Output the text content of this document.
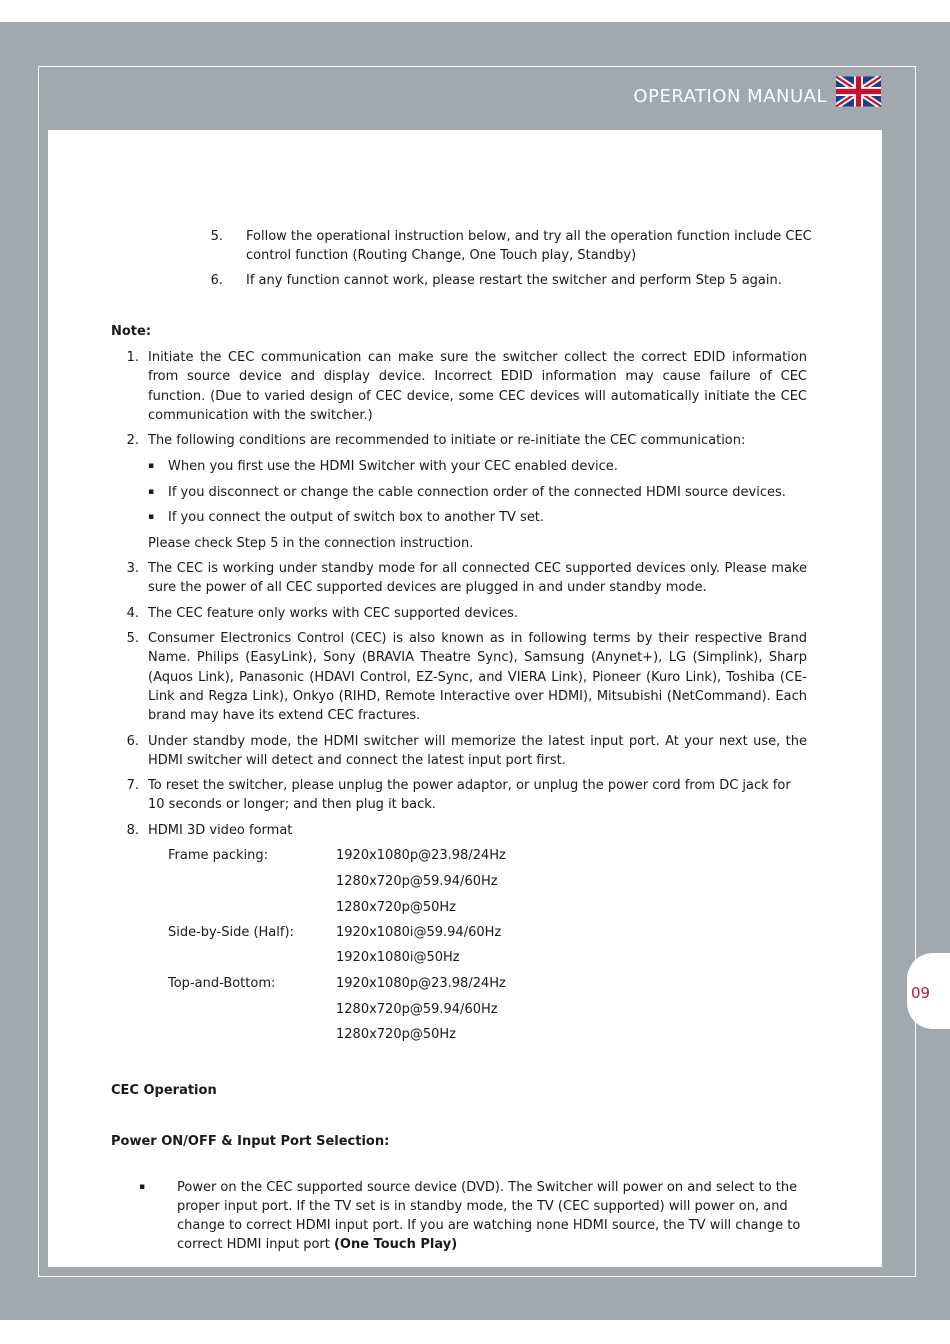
OPERATION MANUAL
09
5. Follow the operational instruction below, and try all the operation function include CEC
control function (Routing Change, One Touch play, Standby)
6. If any function cannot work, please restart the switcher and perform Step 5 again.
Note:
1. Initiate the CEC communication can make sure the switcher collect the correct EDID information from source device and display device. Incorrect EDID information may cause failure of CEC function. (Due to varied design of CEC device, some CEC devices will automatically initiate the CEC communication with the switcher.)
2. The following conditions are recommended to initiate or re-initiate the CEC communication:
▪ When you first use the HDMI Switcher with your CEC enabled device.
▪ If you disconnect or change the cable connection order of the connected HDMI source devices.
▪ If you connect the output of switch box to another TV set.
Please check Step 5 in the connection instruction.
3. The CEC is working under standby mode for all connected CEC supported devices only. Please make sure the power of all CEC supported devices are plugged in and under standby mode.
4. The CEC feature only works with CEC supported devices.
5. Consumer Electronics Control (CEC) is also known as in following terms by their respective Brand Name. Philips (EasyLink), Sony (BRAVIA Theatre Sync), Samsung (Anynet+), LG (Simplink), Sharp (Aquos Link), Panasonic (HDAVI Control, EZ-Sync, and VIERA Link), Pioneer (Kuro Link), Toshiba (CE-Link and Regza Link), Onkyo (RIHD, Remote Interactive over HDMI), Mitsubishi (NetCommand). Each brand may have its extend CEC fractures.
6. Under standby mode, the HDMI switcher will memorize the latest input port. At your next use, the HDMI switcher will detect and connect the latest input port first.
7. To reset the switcher, please unplug the power adaptor, or unplug the power cord from DC jack for
10 seconds or longer; and then plug it back.
8. HDMI 3D video format
Frame packing:	1920x1080p@23.98/24Hz
1280x720p@59.94/60Hz
1280x720p@50Hz
Side-by-Side (Half):	1920x1080i@59.94/60Hz
1920x1080i@50Hz
Top-and-Bottom:	1920x1080p@23.98/24Hz
1280x720p@59.94/60Hz
1280x720p@50Hz
CEC Operation
Power ON/OFF & Input Port Selection:
▪ Power on the CEC supported source device (DVD). The Switcher will power on and select to the
proper input port. If the TV set is in standby mode, the TV (CEC supported) will power on, and
change to correct HDMI input port. If you are watching none HDMI source, the TV will change to
correct HDMI input port (One Touch Play)
